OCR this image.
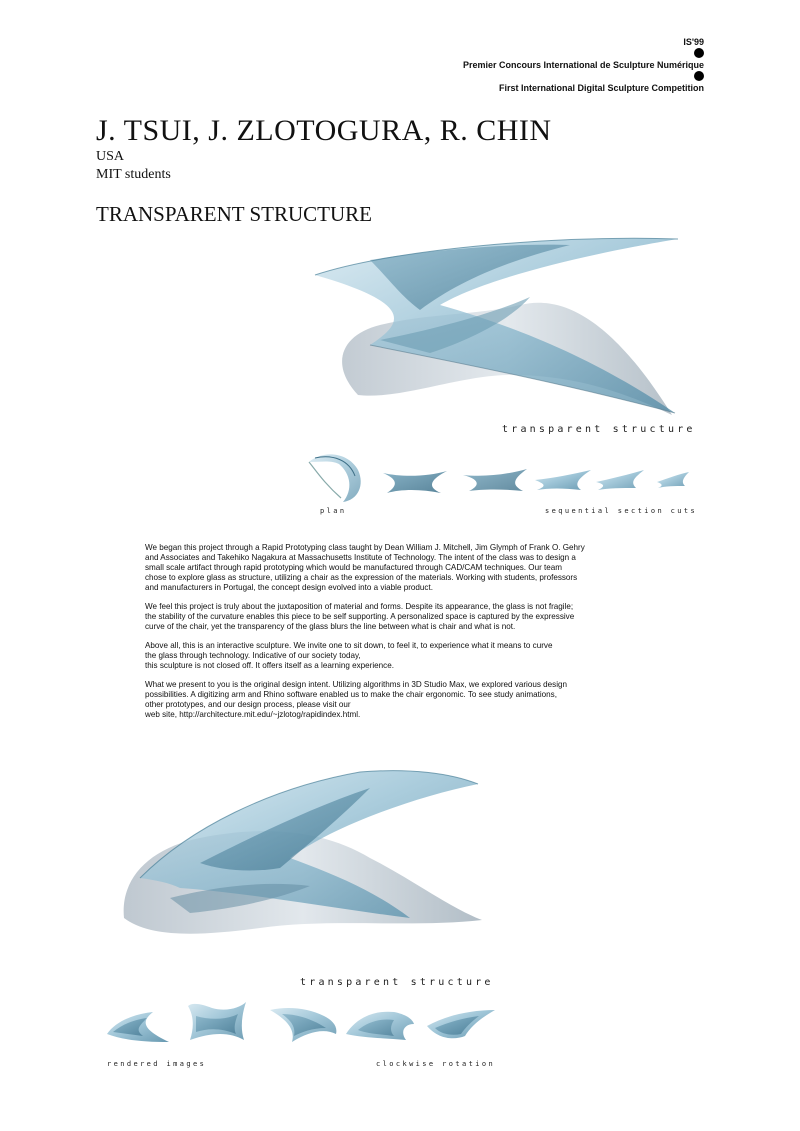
IS'99
Premier Concours International de Sculpture Numérique
First International Digital Sculpture Competition
J. TSUI, J. ZLOTOGURA, R. CHIN
USA
MIT students
TRANSPARENT STRUCTURE
transparent structure
plan	sequential section cuts

We began this project through a Rapid Prototyping class taught by Dean William J. Mitchell, Jim Glymph of Frank O. Gehry
and Associates and Takehiko Nagakura at Massachusetts Institute of Technology. The intent of the class was to design a
small scale artifact through rapid prototyping which would be manufactured through CAD/CAM techniques. Our team
chose to explore glass as structure, utilizing a chair as the expression of the materials. Working with students, professors
and manufacturers in Portugal, the concept design evolved into a viable product.

We feel this project is truly about the juxtaposition of material and forms. Despite its appearance, the glass is not fragile;
the stability of the curvature enables this piece to be self supporting. A personalized space is captured by the expressive
curve of the chair, yet the transparency of the glass blurs the line between what is chair and what is not.

Above all, this is an interactive sculpture. We invite one to sit down, to feel it, to experience what it means to curve
the glass through technology. Indicative of our society today,
this sculpture is not closed off. It offers itself as a learning experience.

What we present to you is the original design intent. Utilizing algorithms in 3D Studio Max, we explored various design
possibilities. A digitizing arm and Rhino software enabled us to make the chair ergonomic. To see study animations,
other prototypes, and our design process, please visit our
web site, http://architecture.mit.edu/~jzlotog/rapidindex.html.

transparent structure
rendered images	clockwise rotation
